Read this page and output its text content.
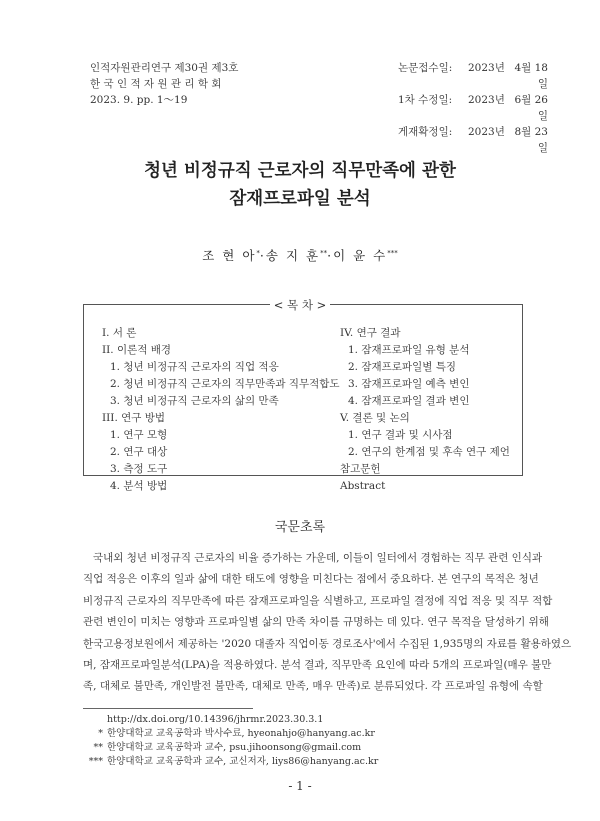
인적자원관리연구 제30권 제3호
한 국 인 적 자 원 관 리 학 회
2023. 9. pp. 1～19
논문접수일:	2023년 4월 18일
1차 수정일:	2023년 6월 26일
게재확정일:	2023년 8월 23일
청년 비정규직 근로자의 직무만족에 관한
잠재프로파일 분석
조 현 아*·송 지 훈**·이 윤 수***
< 목 차 >
I. 서 론
II. 이론적 배경
1. 청년 비정규직 근로자의 직업 적응
2. 청년 비정규직 근로자의 직무만족과 직무적합도
3. 청년 비정규직 근로자의 삶의 만족
III. 연구 방법
1. 연구 모형
2. 연구 대상
3. 측정 도구
4. 분석 방법
IV. 연구 결과
1. 잠재프로파일 유형 분석
2. 잠재프로파일별 특징
3. 잠재프로파일 예측 변인
4. 잠재프로파일 결과 변인
V. 결론 및 논의
1. 연구 결과 및 시사점
2. 연구의 한계점 및 후속 연구 제언
참고문헌
Abstract
국문초록
국내외 청년 비정규직 근로자의 비율 증가하는 가운데, 이들이 일터에서 경험하는 직무 관련 인식과
직업 적응은 이후의 일과 삶에 대한 태도에 영향을 미친다는 점에서 중요하다. 본 연구의 목적은 청년
비정규직 근로자의 직무만족에 따른 잠재프로파일을 식별하고, 프로파일 결정에 직업 적응 및 직무 적합
관련 변인이 미치는 영향과 프로파일별 삶의 만족 차이를 규명하는 데 있다. 연구 목적을 달성하기 위해
한국고용정보원에서 제공하는 '2020 대졸자 직업이동 경로조사'에서 수집된 1,935명의 자료를 활용하였으
며, 잠재프로파일분석(LPA)을 적용하였다. 분석 결과, 직무만족 요인에 따라 5개의 프로파일(매우 불만
족, 대체로 불만족, 개인발전 불만족, 대체로 만족, 매우 만족)로 분류되었다. 각 프로파일 유형에 속할
http://dx.doi.org/10.14396/jhrmr.2023.30.3.1
* 한양대학교 교육공학과 박사수료, hyeonahjo@hanyang.ac.kr
** 한양대학교 교육공학과 교수, psu.jihoonsong@gmail.com
*** 한양대학교 교육공학과 교수, 교신저자, liys86@hanyang.ac.kr
- 1 -
